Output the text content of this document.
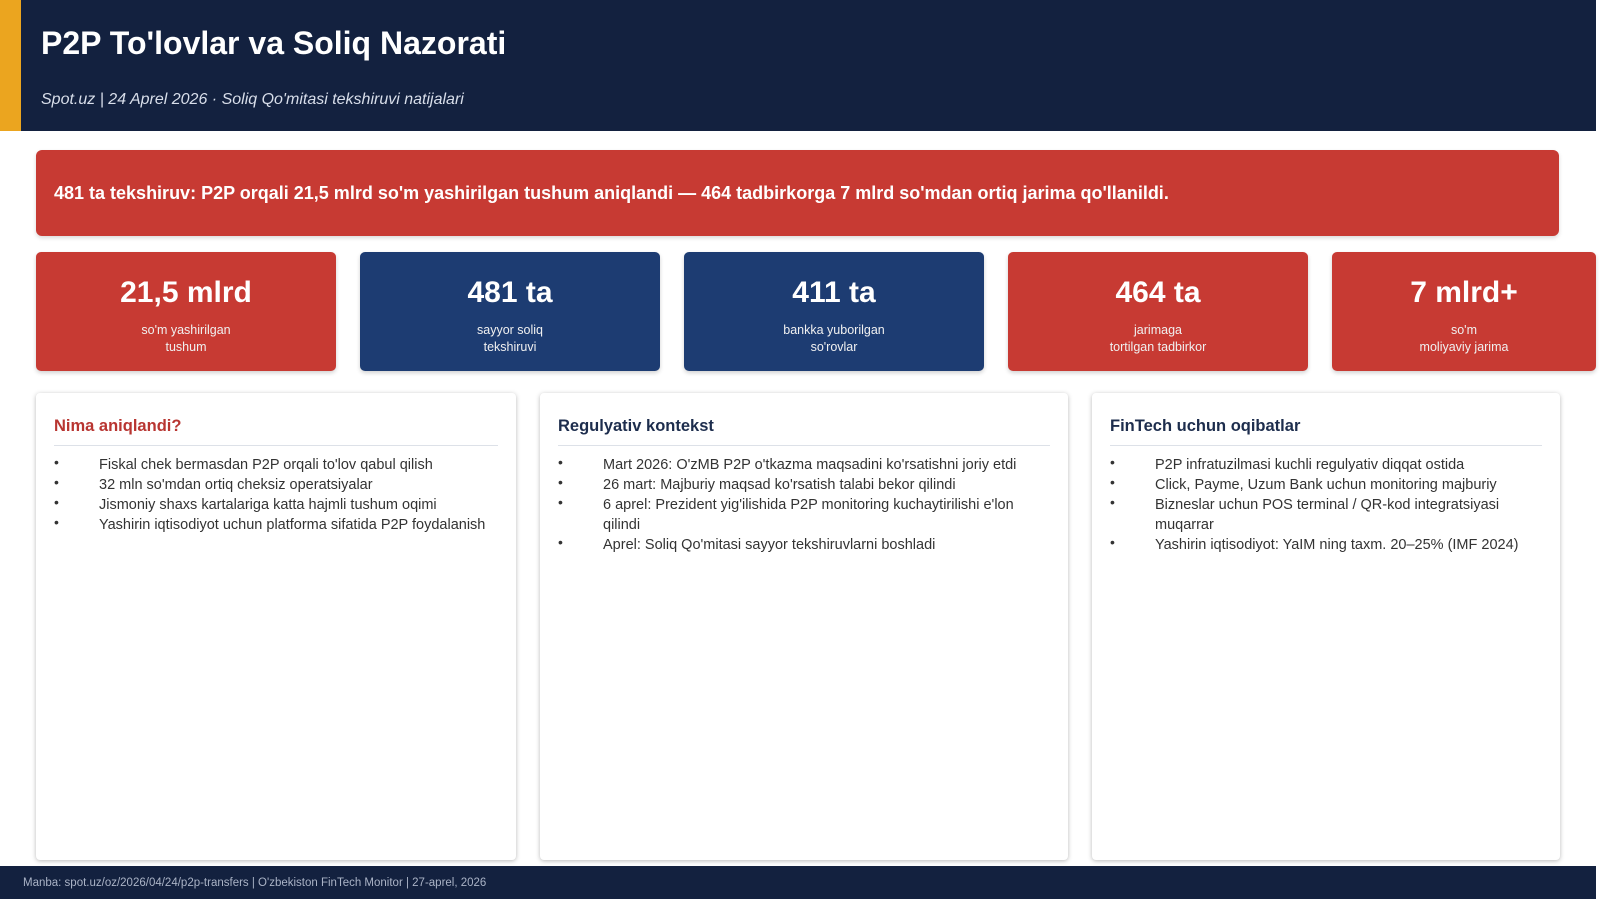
P2P To'lovlar va Soliq Nazorati
Spot.uz | 24 Aprel 2026 · Soliq Qo'mitasi tekshiruvi natijalari
481 ta tekshiruv: P2P orqali 21,5 mlrd so'm yashirilgan tushum aniqlandi — 464 tadbirkorga 7 mlrd so'mdan ortiq jarima qo'llanildi.
21,5 mlrd
so'm yashirilgan
tushum
481 ta
sayyor soliq
tekshiruvi
411 ta
bankka yuborilgan
so'rovlar
464 ta
jarimaga
tortilgan tadbirkor
7 mlrd+
so'm
moliyaviy jarima
Nima aniqlandi?
•	Fiskal chek bermasdan P2P orqali to'lov qabul qilish
•	32 mln so'mdan ortiq cheksiz operatsiyalar
•	Jismoniy shaxs kartalariga katta hajmli tushum oqimi
•	Yashirin iqtisodiyot uchun platforma sifatida P2P foydalanish
Regulyativ kontekst
•	Mart 2026: O'zMB P2P o'tkazma maqsadini ko'rsatishni joriy etdi
•	26 mart: Majburiy maqsad ko'rsatish talabi bekor qilindi
•	6 aprel: Prezident yig'ilishida P2P monitoring kuchaytirilishi e'lon qilindi
•	Aprel: Soliq Qo'mitasi sayyor tekshiruvlarni boshladi
FinTech uchun oqibatlar
•	P2P infratuzilmasi kuchli regulyativ diqqat ostida
•	Click, Payme, Uzum Bank uchun monitoring majburiy
•	Bizneslar uchun POS terminal / QR-kod integratsiyasi muqarrar
•	Yashirin iqtisodiyot: YaIM ning taxm. 20–25% (IMF 2024)
Manba: spot.uz/oz/2026/04/24/p2p-transfers | O'zbekiston FinTech Monitor | 27-aprel, 2026
